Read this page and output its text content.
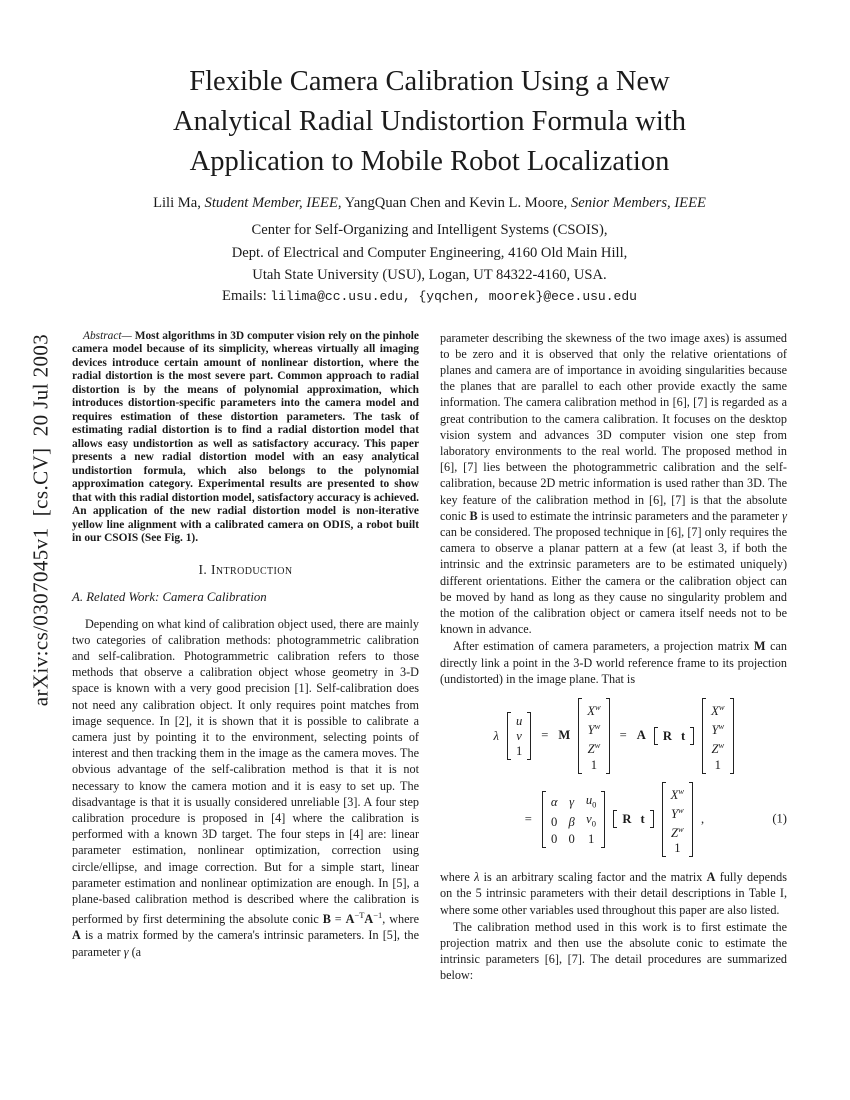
arXiv:cs/0307045v1  [cs.CV]  20 Jul 2003
Flexible Camera Calibration Using a New
Analytical Radial Undistortion Formula with
Application to Mobile Robot Localization
Lili Ma, Student Member, IEEE, YangQuan Chen and Kevin L. Moore, Senior Members, IEEE
Center for Self-Organizing and Intelligent Systems (CSOIS),
Dept. of Electrical and Computer Engineering, 4160 Old Main Hill,
Utah State University (USU), Logan, UT 84322-4160, USA.
Emails: lilima@cc.usu.edu, {yqchen, moorek}@ece.usu.edu

Abstract— Most algorithms in 3D computer vision rely on the pinhole camera model because of its simplicity, whereas virtually all imaging devices introduce certain amount of nonlinear distortion, where the radial distortion is the most severe part. Common approach to radial distortion is by the means of polynomial approximation, which introduces distortion-specific parameters into the camera model and requires estimation of these distortion parameters. The task of estimating radial distortion is to find a radial distortion model that allows easy undistortion as well as satisfactory accuracy. This paper presents a new radial distortion model with an easy analytical undistortion formula, which also belongs to the polynomial approximation category. Experimental results are presented to show that with this radial distortion model, satisfactory accuracy is achieved. An application of the new radial distortion model is non-iterative yellow line alignment with a calibrated camera on ODIS, a robot built in our CSOIS (See Fig. 1).

I. Introduction
A. Related Work: Camera Calibration

Depending on what kind of calibration object used, there are mainly two categories of calibration methods: photogrammetric calibration and self-calibration. Photogrammetric calibration refers to those methods that observe a calibration object whose geometry in 3-D space is known with a very good precision [1]. Self-calibration does not need any calibration object. It only requires point matches from image sequence. In [2], it is shown that it is possible to calibrate a camera just by pointing it to the environment, selecting points of interest and then tracking them in the image as the camera moves. The obvious advantage of the self-calibration method is that it is not necessary to know the camera motion and it is easy to set up. The disadvantage is that it is usually considered unreliable [3]. A four step calibration procedure is proposed in [4] where the calibration is performed with a known 3D target. The four steps in [4] are: linear parameter estimation, nonlinear optimization, correction using circle/ellipse, and image correction. But for a simple start, linear parameter estimation and nonlinear optimization are enough. In [5], a plane-based calibration method is described where the calibration is performed by first determining the absolute conic $B = A^{-T}A^{-1}$, where A is a matrix formed by the camera's intrinsic parameters. In [5], the parameter γ (a

parameter describing the skewness of the two image axes) is assumed to be zero and it is observed that only the relative orientations of planes and camera are of importance in avoiding singularities because the planes that are parallel to each other provide exactly the same information. The camera calibration method in [6], [7] is regarded as a great contribution to the camera calibration. It focuses on the desktop vision system and advances 3D computer vision one step from laboratory environments to the real world. The proposed method in [6], [7] lies between the photogrammetric calibration and the self-calibration, because 2D metric information is used rather than 3D. The key feature of the calibration method in [6], [7] is that the absolute conic B is used to estimate the intrinsic parameters and the parameter γ can be considered. The proposed technique in [6], [7] only requires the camera to observe a planar pattern at a few (at least 3, if both the intrinsic and the extrinsic parameters are to be estimated uniquely) different orientations. Either the camera or the calibration object can be moved by hand as long as they cause no singularity problem and the motion of the calibration object or camera itself needs not to be known in advance.

After estimation of camera parameters, a projection matrix M can directly link a point in the 3-D world reference frame to its projection (undistorted) in the image plane. That is

λ
u
v
1
= M
$X^w$
$Y^w$
$Z^w$
1
= A R t
$X^w$
$Y^w$
$Z^w$
1
=
α γ $u_0$
0 β $v_0$
0 0 1
R t
$X^w$
$Y^w$
$Z^w$
1
,	(1)

where λ is an arbitrary scaling factor and the matrix A fully depends on the 5 intrinsic parameters with their detail descriptions in Table I, where some other variables used throughout this paper are also listed.

The calibration method used in this work is to first estimate the projection matrix and then use the absolute conic to estimate the intrinsic parameters [6], [7]. The detail procedures are summarized below:
